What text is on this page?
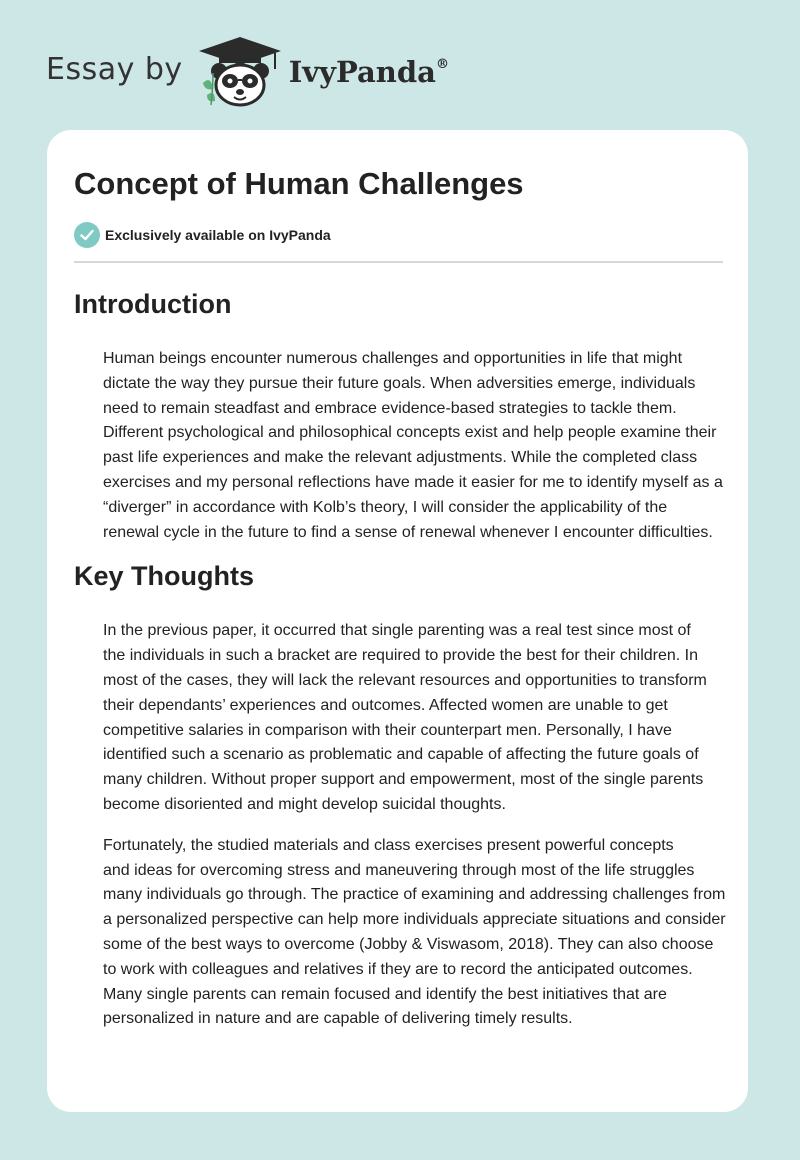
Essay by	IvyPanda®
Concept of Human Challenges
Exclusively available on IvyPanda
Introduction

Human beings encounter numerous challenges and opportunities in life that might
dictate the way they pursue their future goals. When adversities emerge, individuals
need to remain steadfast and embrace evidence-based strategies to tackle them.
Different psychological and philosophical concepts exist and help people examine their
past life experiences and make the relevant adjustments. While the completed class
exercises and my personal reflections have made it easier for me to identify myself as a
“diverger” in accordance with Kolb’s theory, I will consider the applicability of the
renewal cycle in the future to find a sense of renewal whenever I encounter difficulties.

Key Thoughts

In the previous paper, it occurred that single parenting was a real test since most of
the individuals in such a bracket are required to provide the best for their children. In
most of the cases, they will lack the relevant resources and opportunities to transform
their dependants’ experiences and outcomes. Affected women are unable to get
competitive salaries in comparison with their counterpart men. Personally, I have
identified such a scenario as problematic and capable of affecting the future goals of
many children. Without proper support and empowerment, most of the single parents
become disoriented and might develop suicidal thoughts.

Fortunately, the studied materials and class exercises present powerful concepts
and ideas for overcoming stress and maneuvering through most of the life struggles
many individuals go through. The practice of examining and addressing challenges from
a personalized perspective can help more individuals appreciate situations and consider
some of the best ways to overcome (Jobby & Viswasom, 2018). They can also choose
to work with colleagues and relatives if they are to record the anticipated outcomes.
Many single parents can remain focused and identify the best initiatives that are
personalized in nature and are capable of delivering timely results.
